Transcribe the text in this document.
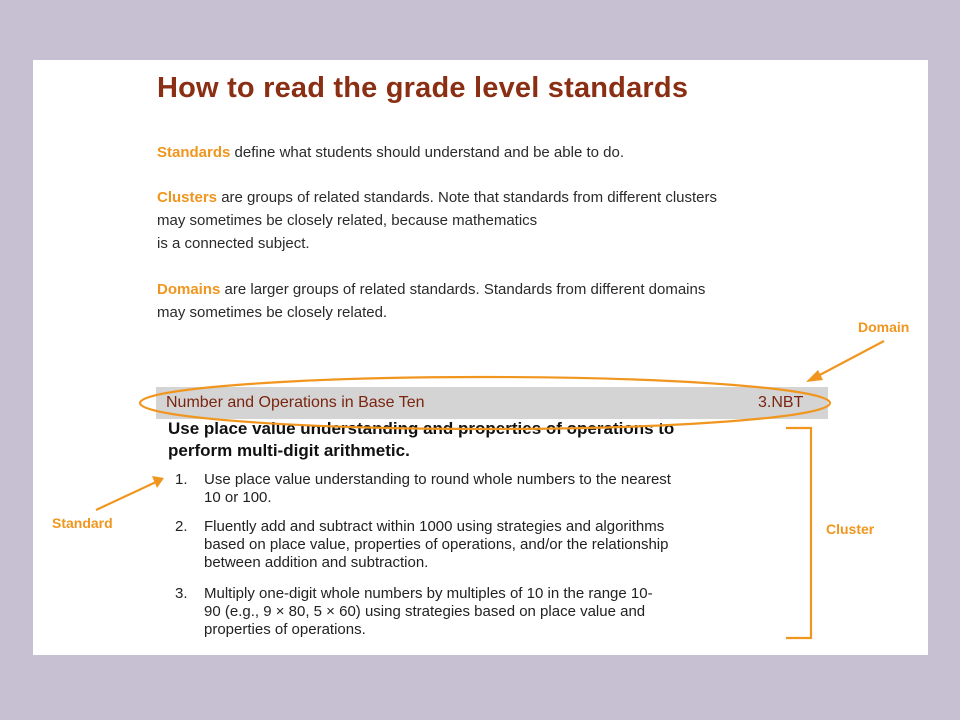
How to read the grade level standards

Standards define what students should understand and be able to do.

Clusters are groups of related standards. Note that standards from different clusters
may sometimes be closely related, because mathematics
is a connected subject.

Domains are larger groups of related standards. Standards from different domains
may sometimes be closely related.

Number and Operations in Base Ten	3.NBT

Use place value understanding and properties of operations to
perform multi-digit arithmetic.

1. Use place value understanding to round whole numbers to the nearest
10 or 100.

2. Fluently add and subtract within 1000 using strategies and algorithms
based on place value, properties of operations, and/or the relationship
between addition and subtraction.

3. Multiply one-digit whole numbers by multiples of 10 in the range 10-
90 (e.g., 9 × 80, 5 × 60) using strategies based on place value and
properties of operations.

Domain
Standard	Cluster
